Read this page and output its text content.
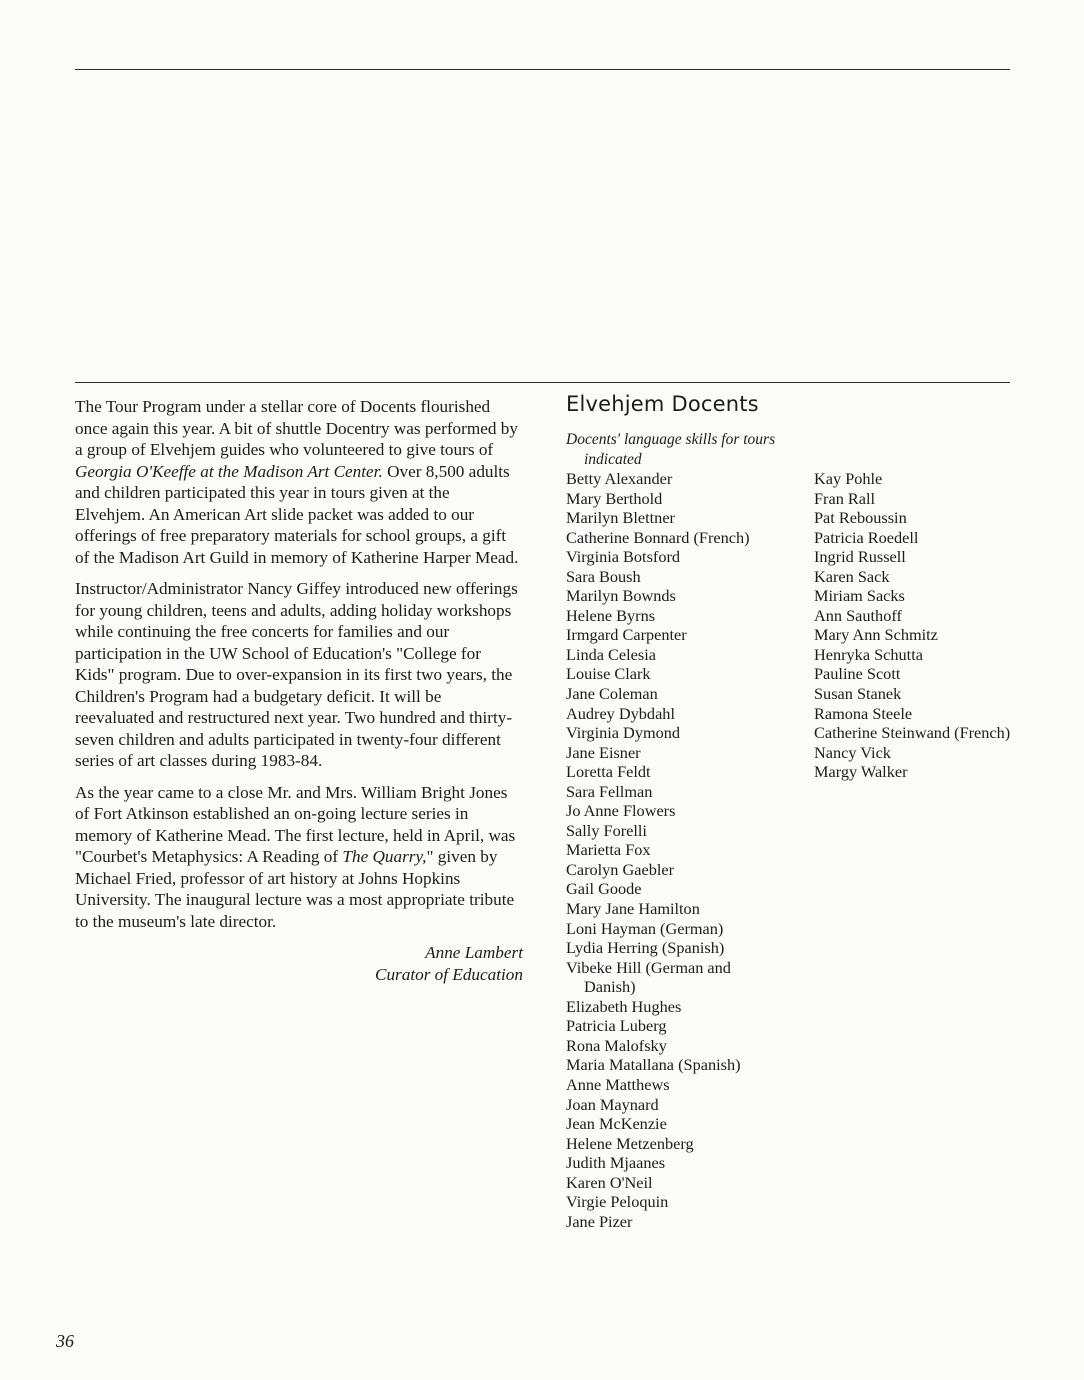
The Tour Program under a stellar core of Docents flourished once again this year. A bit of shuttle Docentry was performed by a group of Elvehjem guides who volunteered to give tours of Georgia O'Keeffe at the Madison Art Center. Over 8,500 adults and children participated this year in tours given at the Elvehjem. An American Art slide packet was added to our offerings of free preparatory materials for school groups, a gift of the Madison Art Guild in memory of Katherine Harper Mead.

Instructor/Administrator Nancy Giffey introduced new offerings for young children, teens and adults, adding holiday workshops while continuing the free concerts for families and our participation in the UW School of Education's "College for Kids" program. Due to over-expansion in its first two years, the Children's Program had a budgetary deficit. It will be reevaluated and restructured next year. Two hundred and thirty-seven children and adults participated in twenty-four different series of art classes during 1983-84.

As the year came to a close Mr. and Mrs. William Bright Jones of Fort Atkinson established an on-going lecture series in memory of Katherine Mead. The first lecture, held in April, was "Courbet's Metaphysics: A Reading of The Quarry," given by Michael Fried, professor of art history at Johns Hopkins University. The inaugural lecture was a most appropriate tribute to the museum's late director.

Anne Lambert
Curator of Education
Elvehjem Docents
Docents' language skills for tours
indicated
Betty Alexander
Mary Berthold
Marilyn Blettner
Catherine Bonnard (French)
Virginia Botsford
Sara Boush
Marilyn Bownds
Helene Byrns
Irmgard Carpenter
Linda Celesia
Louise Clark
Jane Coleman
Audrey Dybdahl
Virginia Dymond
Jane Eisner
Loretta Feldt
Sara Fellman
Jo Anne Flowers
Sally Forelli
Marietta Fox
Carolyn Gaebler
Gail Goode
Mary Jane Hamilton
Loni Hayman (German)
Lydia Herring (Spanish)
Vibeke Hill (German and Danish)
Elizabeth Hughes
Patricia Luberg
Rona Malofsky
Maria Matallana (Spanish)
Anne Matthews
Joan Maynard
Jean McKenzie
Helene Metzenberg
Judith Mjaanes
Karen O'Neil
Virgie Peloquin
Jane Pizer
Kay Pohle
Fran Rall
Pat Reboussin
Patricia Roedell
Ingrid Russell
Karen Sack
Miriam Sacks
Ann Sauthoff
Mary Ann Schmitz
Henryka Schutta
Pauline Scott
Susan Stanek
Ramona Steele
Catherine Steinwand (French)
Nancy Vick
Margy Walker
36
